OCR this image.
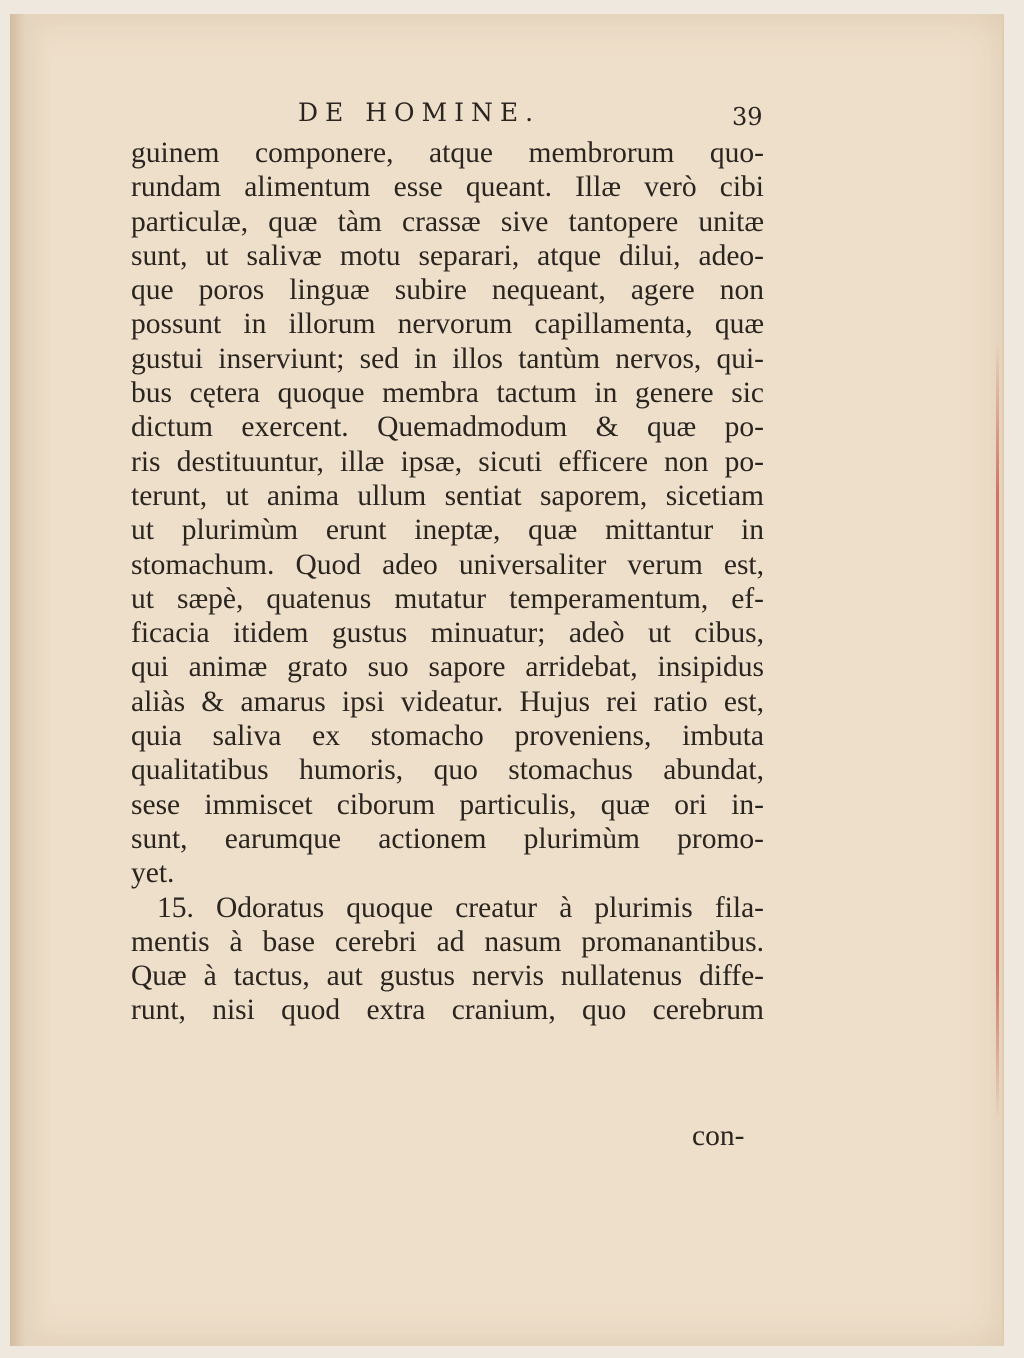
DE HOMINE.	39
guinem componere, atque membrorum quo-
rundam alimentum esse queant. Illæ verò cibi
particulæ, quæ tàm crassæ sive tantopere unitæ
sunt, ut salivæ motu separari, atque dilui, adeo-
que poros linguæ subire nequeant, agere non
possunt in illorum nervorum capillamenta, quæ
gustui inserviunt; sed in illos tantùm nervos, qui-
bus cętera quoque membra tactum in genere sic
dictum exercent. Quemadmodum & quæ po-
ris destituuntur, illæ ipsæ, sicuti efficere non po-
terunt, ut anima ullum sentiat saporem, sicetiam
ut plurimùm erunt ineptæ, quæ mittantur in
stomachum. Quod adeo universaliter verum est,
ut sæpè, quatenus mutatur temperamentum, ef-
ficacia itidem gustus minuatur; adeò ut cibus,
qui animæ grato suo sapore arridebat, insipidus
aliàs & amarus ipsi videatur. Hujus rei ratio est,
quia saliva ex stomacho proveniens, imbuta
qualitatibus humoris, quo stomachus abundat,
sese immiscet ciborum particulis, quæ ori in-
sunt, earumque actionem plurimùm promo-
yet.
15. Odoratus quoque creatur à plurimis fila-
mentis à base cerebri ad nasum promanantibus.
Quæ à tactus, aut gustus nervis nullatenus diffe-
runt, nisi quod extra cranium, quo cerebrum
con-
